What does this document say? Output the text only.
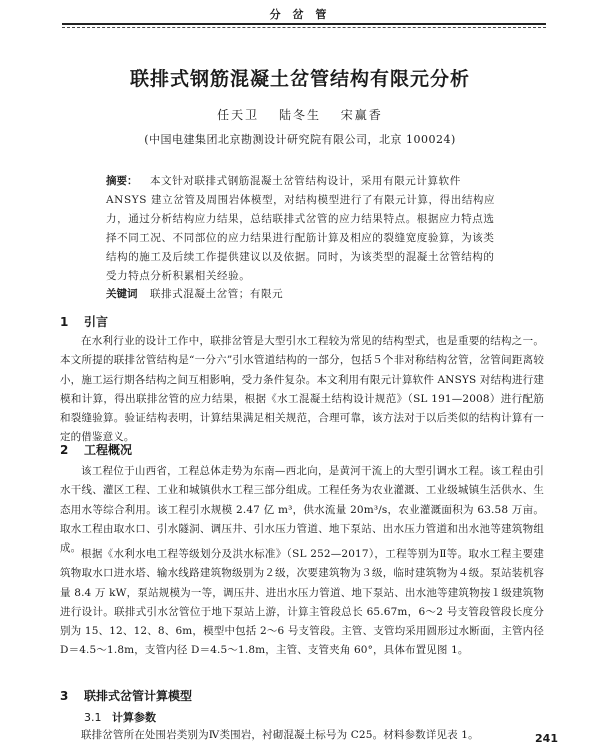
分 岔 管
联排式钢筋混凝土岔管结构有限元分析
任天卫 陆冬生 宋赢香
(中国电建集团北京勘测设计研究院有限公司，北京 100024)
摘要：	本文针对联排式钢筋混凝土岔管结构设计，采用有限元计算软件 ANSYS 建立岔管及周围岩体模型，对结构模型进行了有限元计算，得出结构应力，通过分析结构应力结果，总结联排式岔管的应力结果特点。根据应力特点选择不同工况、不同部位的应力结果进行配筋计算及相应的裂缝宽度验算，为该类结构的施工及后续工作提供建议以及依据。同时，为该类型的混凝土岔管结构的受力特点分析积累相关经验。

关键词	联排式混凝土岔管；有限元

1 引言

在水利行业的设计工作中，联排岔管是大型引水工程较为常见的结构型式，也是重要的结构之一。本文所提的联排岔管结构是“一分六”引水管道结构的一部分，包括５个非对称结构岔管，岔管间距离较小，施工运行期各结构之间互相影响，受力条件复杂。本文利用有限元计算软件 ANSYS 对结构进行建模和计算，得出联排岔管的应力结果，根据《水工混凝土结构设计规范》（SL 191—2008）进行配筋和裂缝验算。验证结构表明，计算结果满足相关规范，合理可靠，该方法对于以后类似的结构计算有一定的借鉴意义。

2 工程概况

该工程位于山西省，工程总体走势为东南—西北向，是黄河干流上的大型引调水工程。该工程由引水干线、灌区工程、工业和城镇供水工程三部分组成。工程任务为农业灌溉、工业级城镇生活供水、生态用水等综合利用。该工程引水规模 2.47 亿 m³，供水流量 20m³/s，农业灌溉面积为 63.58 万亩。取水工程由取水口、引水隧洞、调压井、引水压力管道、地下泵站、出水压力管道和出水池等建筑物组成。 根据《水利水电工程等级划分及洪水标准》（SL 252—2017），工程等别为Ⅱ等。取水工程主要建筑物取水口进水塔、输水线路建筑物级别为２级，次要建筑物为３级，临时建筑物为４级。泵站装机容量 8.4 万 kW，泵站规模为一等，调压井、进出水压力管道、地下泵站、出水池等建筑物按１级建筑物进行设计。联排式引水岔管位于地下泵站上游，计算主管段总长 65.67m，6～2 号支管段管段长度分别为 15、12、12、8、6m，模型中包括 2～6 号支管段。主管、支管均采用圆形过水断面，主管内径 D＝4.5～1.8m，支管内径 D＝4.5～1.8m，主管、支管夹角 60°，具体布置见图 1。

3 联排式岔管计算模型
3.1 计算参数

联排岔管所在处围岩类别为Ⅳ类围岩，衬砌混凝土标号为 C25。材料参数详见表 1。	241
